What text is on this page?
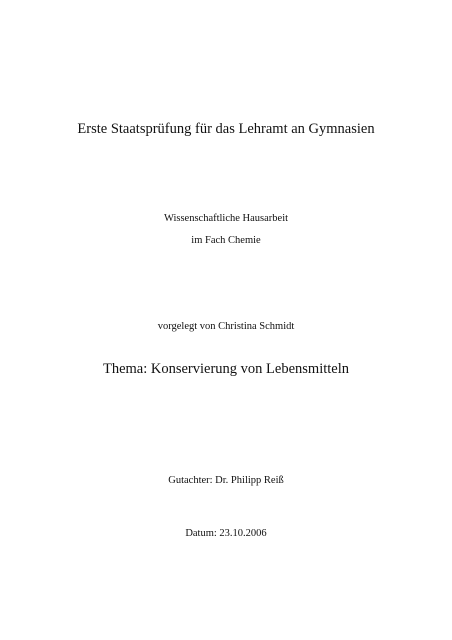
Erste Staatsprüfung für das Lehramt an Gymnasien
Wissenschaftliche Hausarbeit
im Fach Chemie
vorgelegt von Christina Schmidt
Thema: Konservierung von Lebensmitteln
Gutachter: Dr. Philipp Reiß
Datum: 23.10.2006
